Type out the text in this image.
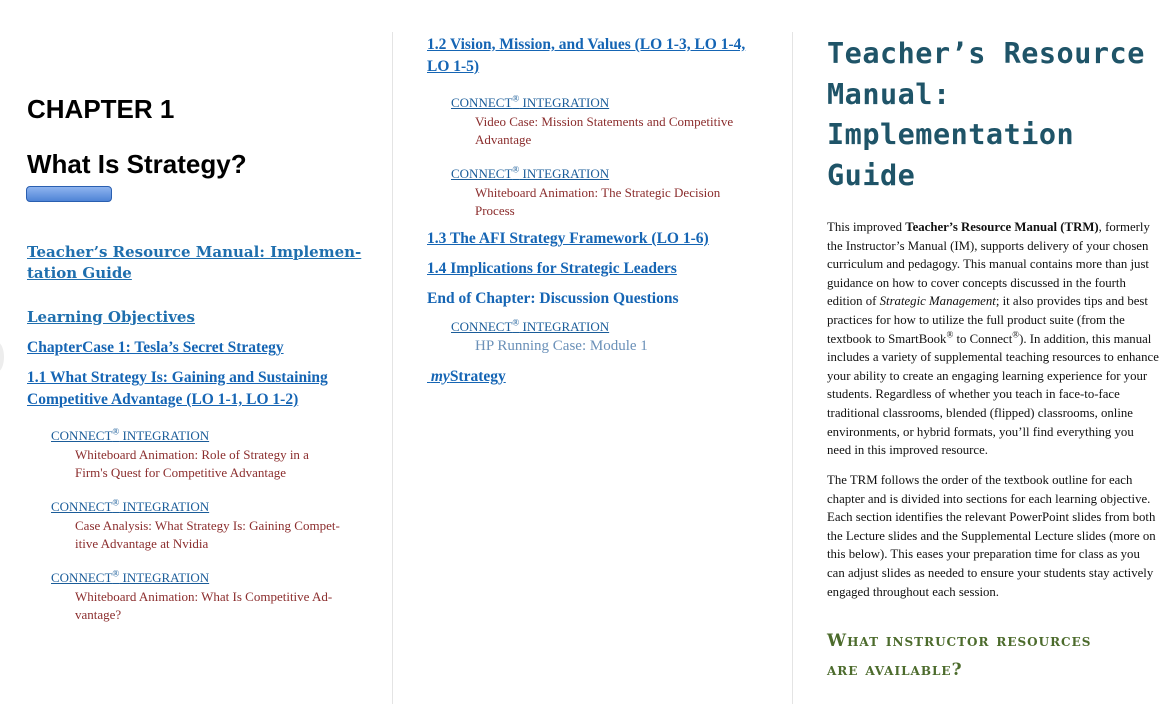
CHAPTER 1
What Is Strategy?
Teacher’s Resource Manual: Implemen-
tation Guide
Learning Objectives
ChapterCase 1: Tesla’s Secret Strategy
1.1 What Strategy Is: Gaining and Sustaining
Competitive Advantage (LO 1-1, LO 1-2)
CONNECT® INTEGRATION
Whiteboard Animation: Role of Strategy in a
Firm's Quest for Competitive Advantage
CONNECT® INTEGRATION
Case Analysis: What Strategy Is: Gaining Compet-
itive Advantage at Nvidia
CONNECT® INTEGRATION
Whiteboard Animation: What Is Competitive Ad-
vantage?
1.2 Vision, Mission, and Values (LO 1-3, LO 1-4,
LO 1-5)
CONNECT® INTEGRATION
Video Case: Mission Statements and Competitive
Advantage
CONNECT® INTEGRATION
Whiteboard Animation: The Strategic Decision
Process
1.3 The AFI Strategy Framework (LO 1-6)
1.4 Implications for Strategic Leaders
End of Chapter: Discussion Questions
CONNECT® INTEGRATION
HP Running Case: Module 1
myStrategy
Teacher’s Resource
Manual:
Implementation
Guide
This improved Teacher’s Resource Manual (TRM), formerly the Instructor’s Manual (IM), supports delivery of your chosen curriculum and pedagogy. This manual contains more than just guidance on how to cover concepts discussed in the fourth edition of Strategic Management; it also provides tips and best practices for how to utilize the full product suite (from the textbook to SmartBook® to Connect®). In addition, this manual includes a variety of supplemental teaching resources to enhance your ability to create an engaging learning experience for your students. Regardless of whether you teach in face-to-face traditional classrooms, blended (flipped) classrooms, online environments, or hybrid formats, you’ll find everything you need in this improved resource.
The TRM follows the order of the textbook outline for each chapter and is divided into sections for each learning objective. Each section identifies the relevant PowerPoint slides from both the Lecture slides and the Supplemental Lecture slides (more on this below). This eases your preparation time for class as you can adjust slides as needed to ensure your students stay actively engaged throughout each session.
What instructor resources
are available?
